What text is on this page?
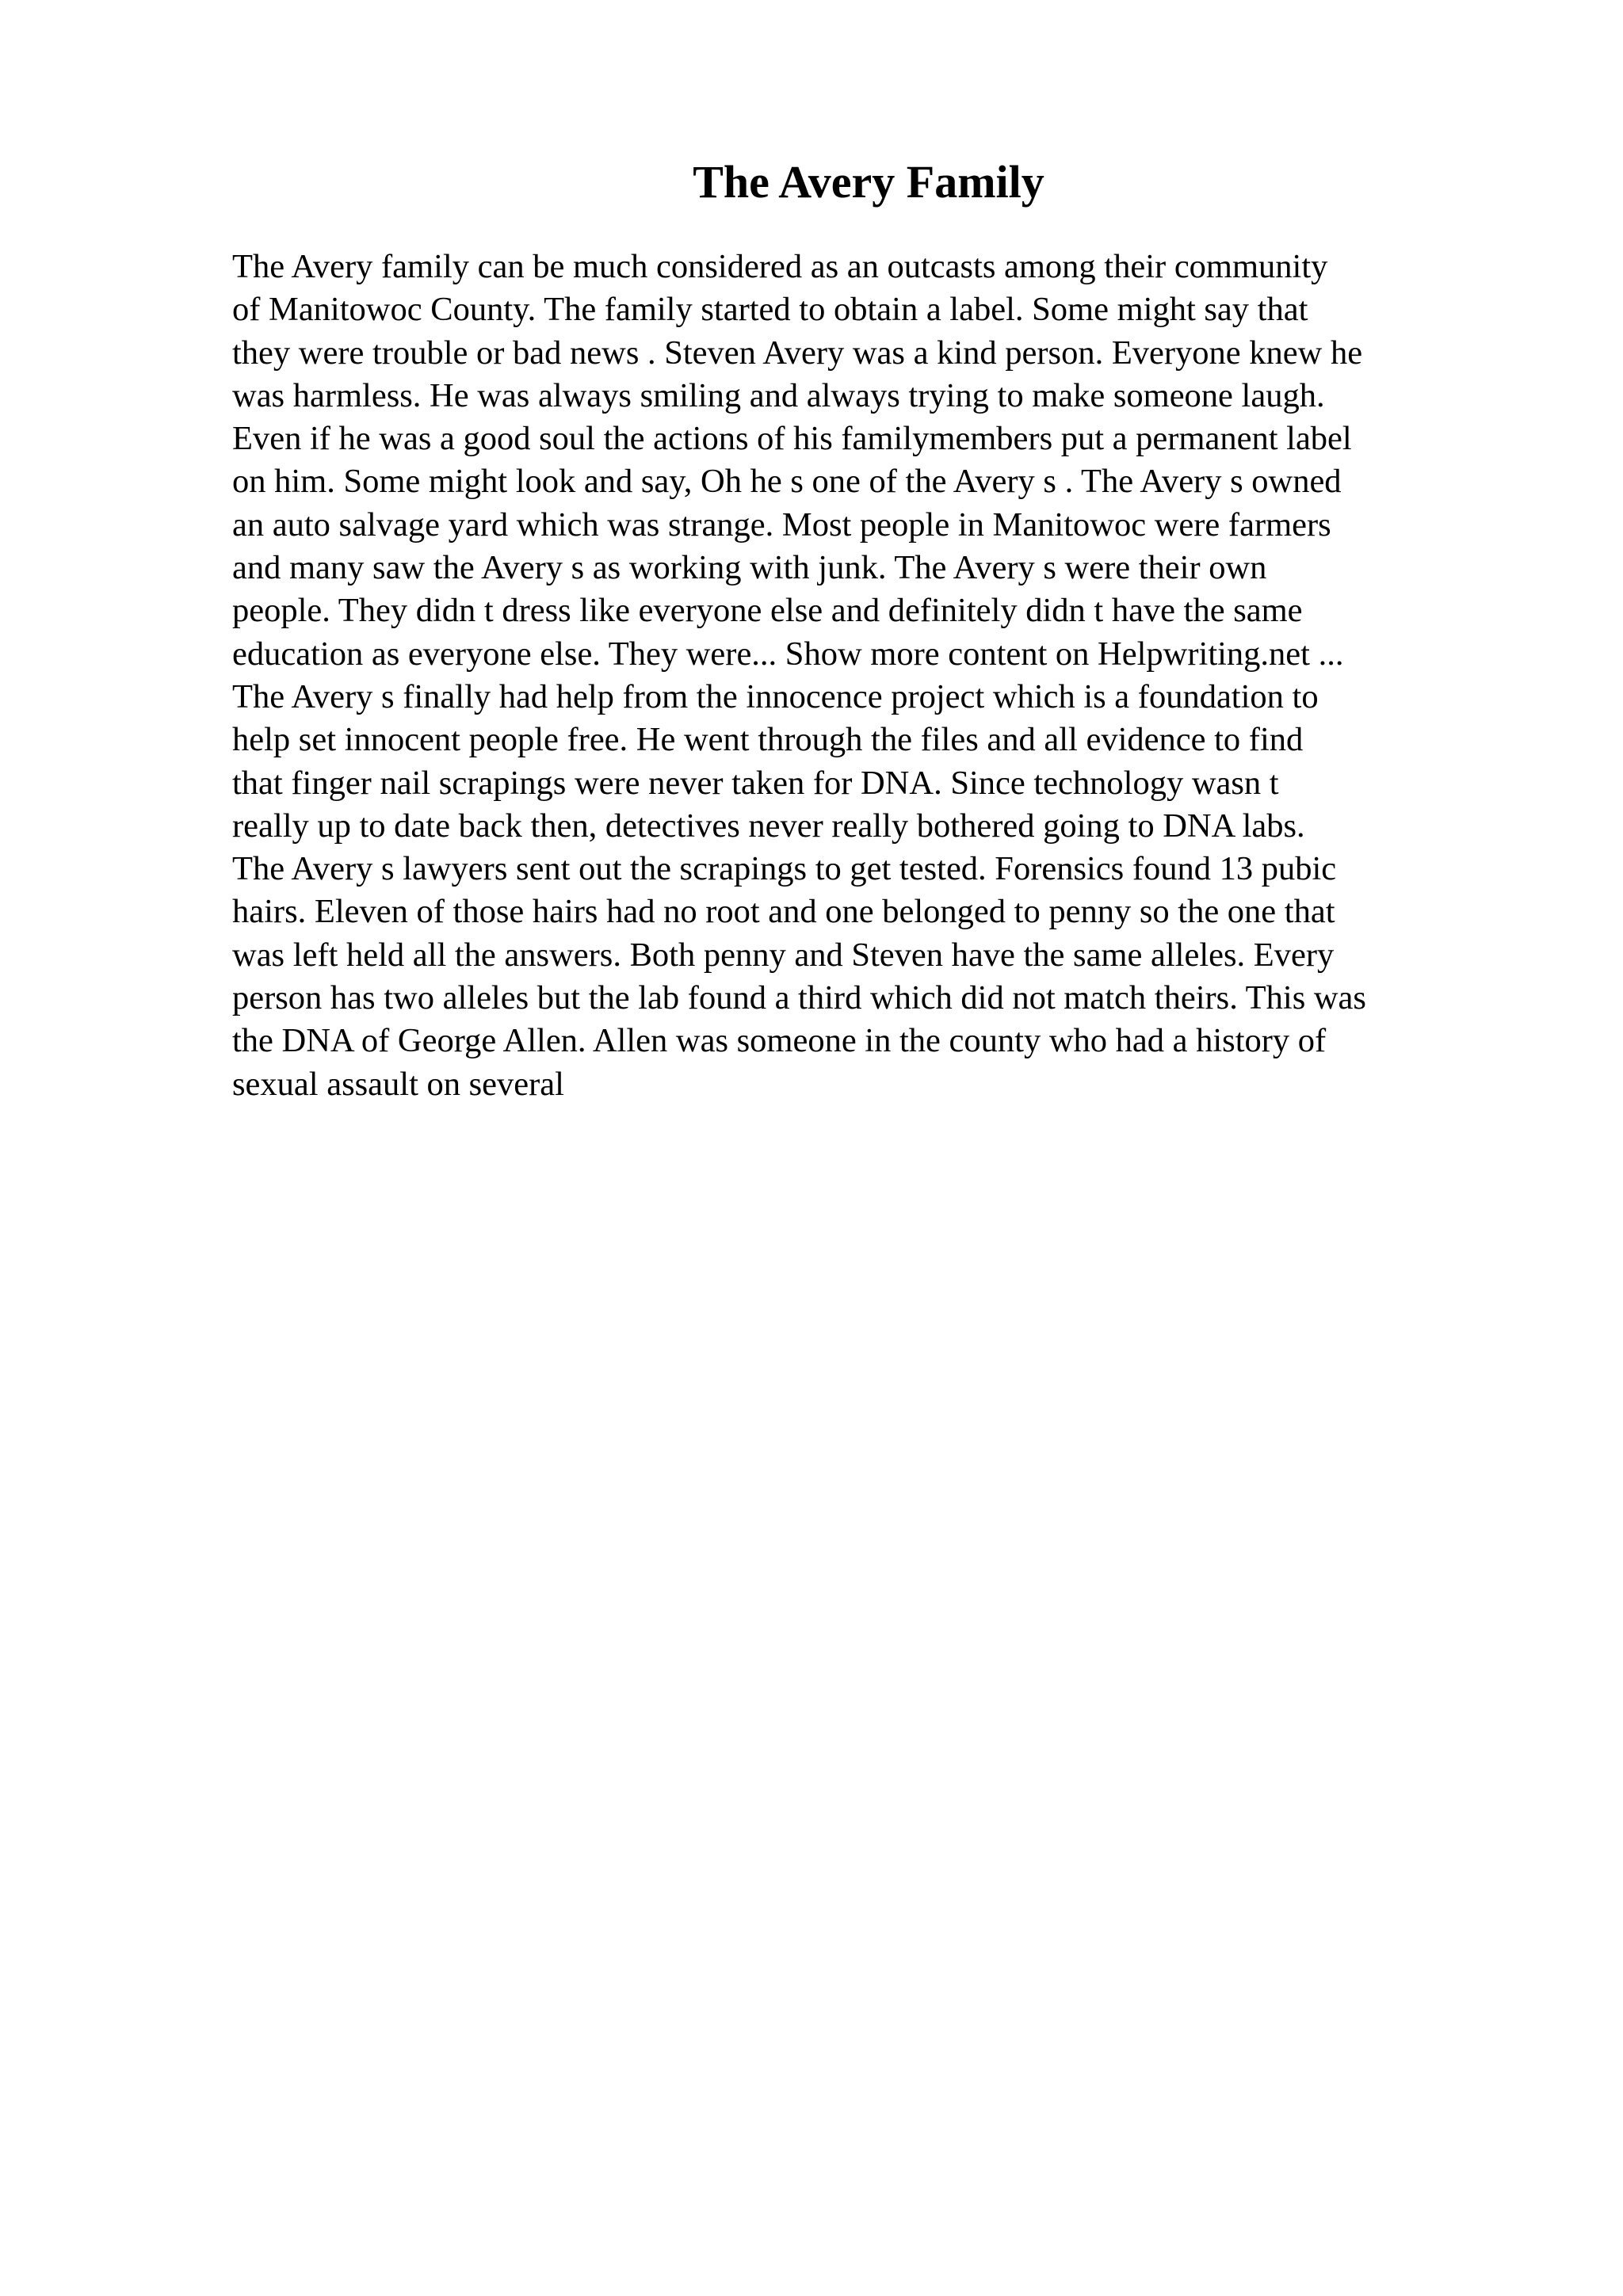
The Avery Family
The Avery family can be much considered as an outcasts among their community
of Manitowoc County. The family started to obtain a label. Some might say that
they were trouble or bad news . Steven Avery was a kind person. Everyone knew he
was harmless. He was always smiling and always trying to make someone laugh.
Even if he was a good soul the actions of his familymembers put a permanent label
on him. Some might look and say, Oh he s one of the Avery s . The Avery s owned
an auto salvage yard which was strange. Most people in Manitowoc were farmers
and many saw the Avery s as working with junk. The Avery s were their own
people. They didn t dress like everyone else and definitely didn t have the same
education as everyone else. They were... Show more content on Helpwriting.net ...
The Avery s finally had help from the innocence project which is a foundation to
help set innocent people free. He went through the files and all evidence to find
that finger nail scrapings were never taken for DNA. Since technology wasn t
really up to date back then, detectives never really bothered going to DNA labs.
The Avery s lawyers sent out the scrapings to get tested. Forensics found 13 pubic
hairs. Eleven of those hairs had no root and one belonged to penny so the one that
was left held all the answers. Both penny and Steven have the same alleles. Every
person has two alleles but the lab found a third which did not match theirs. This was
the DNA of George Allen. Allen was someone in the county who had a history of
sexual assault on several
